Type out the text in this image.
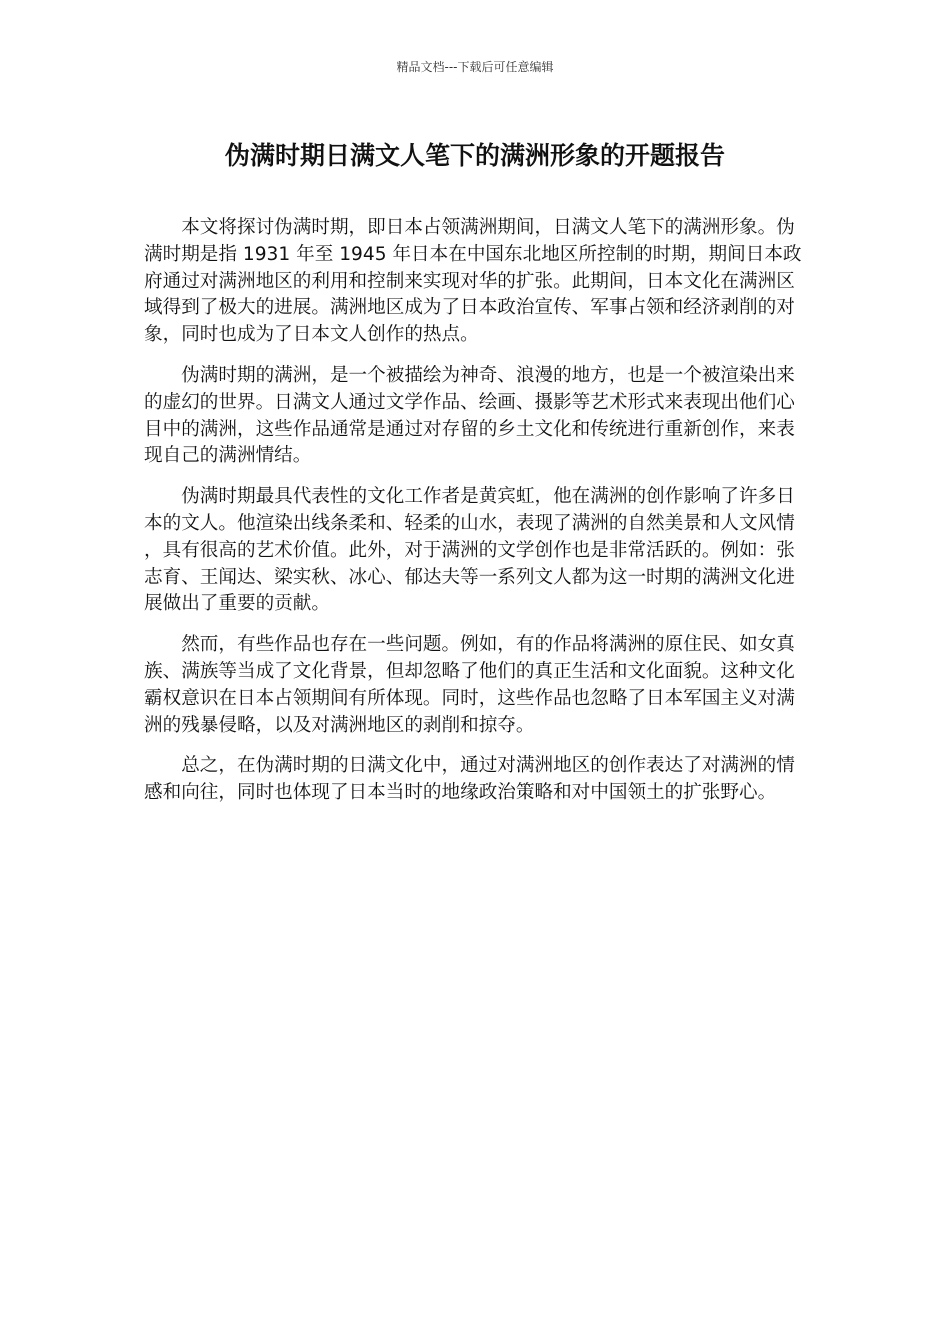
精品文档---下载后可任意编辑
伪满时期日满文人笔下的满洲形象的开题报告

本文将探讨伪满时期，即日本占领满洲期间，日满文人笔下的满洲形象。伪满时期是指 1931 年至 1945 年日本在中国东北地区所控制的时期，期间日本政府通过对满洲地区的利用和控制来实现对华的扩张。此期间，日本文化在满洲区域得到了极大的进展。满洲地区成为了日本政治宣传、军事占领和经济剥削的对象，同时也成为了日本文人创作的热点。

伪满时期的满洲，是一个被描绘为神奇、浪漫的地方，也是一个被渲染出来的虚幻的世界。日满文人通过文学作品、绘画、摄影等艺术形式来表现出他们心目中的满洲，这些作品通常是通过对存留的乡土文化和传统进行重新创作，来表现自己的满洲情结。

伪满时期最具代表性的文化工作者是黄宾虹，他在满洲的创作影响了许多日本的文人。他渲染出线条柔和、轻柔的山水，表现了满洲的自然美景和人文风情，具有很高的艺术价值。此外，对于满洲的文学创作也是非常活跃的。例如：张志育、王闻达、梁实秋、冰心、郁达夫等一系列文人都为这一时期的满洲文化进展做出了重要的贡献。

然而，有些作品也存在一些问题。例如，有的作品将满洲的原住民、如女真族、满族等当成了文化背景，但却忽略了他们的真正生活和文化面貌。这种文化霸权意识在日本占领期间有所体现。同时，这些作品也忽略了日本军国主义对满洲的残暴侵略，以及对满洲地区的剥削和掠夺。

总之，在伪满时期的日满文化中，通过对满洲地区的创作表达了对满洲的情感和向往，同时也体现了日本当时的地缘政治策略和对中国领土的扩张野心。
